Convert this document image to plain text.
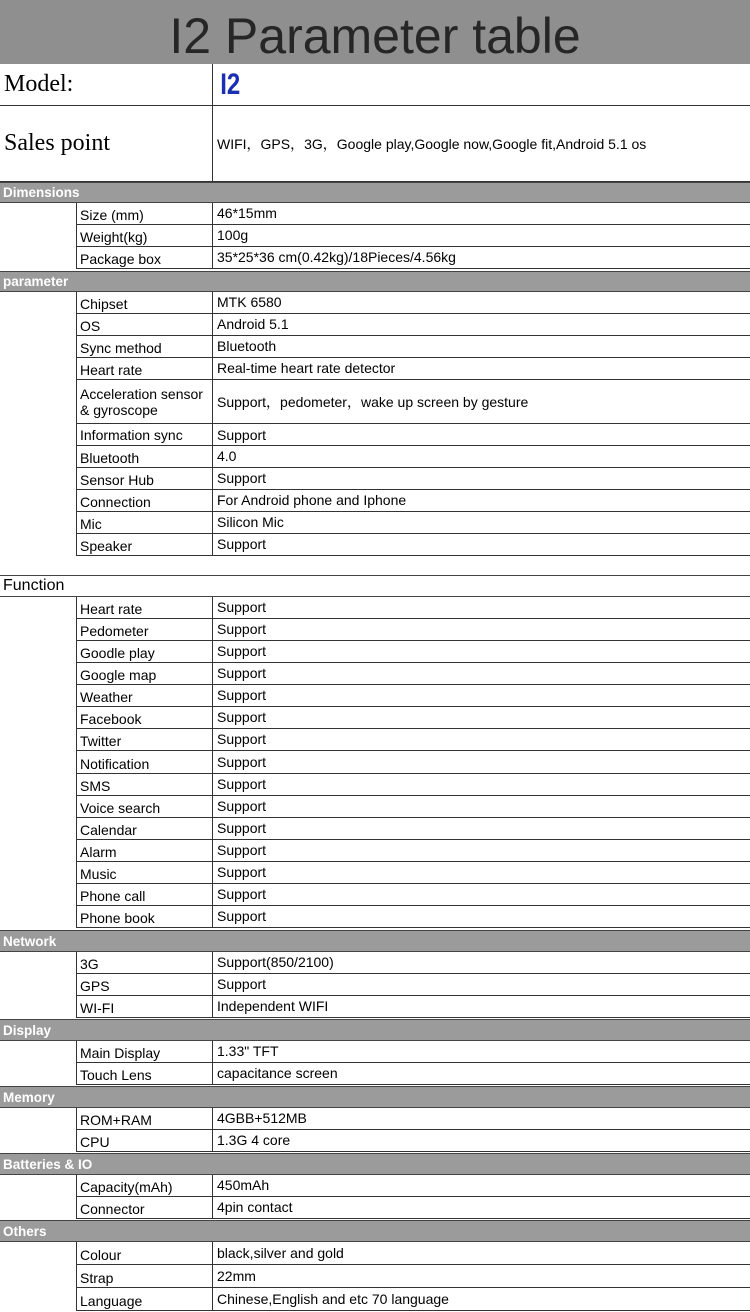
I2 Parameter table
Model:	I2
Sales point	WIFI，GPS，3G，Google play,Google now,Google fit,Android 5.1 os
Dimensions
Size (mm)	46*15mm
Weight(kg)	100g
Package box	35*25*36 cm(0.42kg)/18Pieces/4.56kg
parameter
Chipset	MTK 6580
OS	Android 5.1
Sync method	Bluetooth
Heart rate	Real-time heart rate detector
Acceleration sensor & gyroscope	Support，pedometer，wake up screen by gesture
Information sync	Support
Bluetooth	4.0
Sensor Hub	Support
Connection	For Android phone and Iphone
Mic	Silicon Mic
Speaker	Support
Function
Heart rate	Support
Pedometer	Support
Goodle play	Support
Google map	Support
Weather	Support
Facebook	Support
Twitter	Support
Notification	Support
SMS	Support
Voice search	Support
Calendar	Support
Alarm	Support
Music	Support
Phone call	Support
Phone book	Support
Network
3G	Support(850/2100)
GPS	Support
WI-FI	Independent WIFI
Display
Main Display	1.33" TFT
Touch Lens	capacitance screen
Memory
ROM+RAM	4GBB+512MB
CPU	1.3G 4 core
Batteries & IO
Capacity(mAh)	450mAh
Connector	4pin contact
Others
Colour	black,silver and gold
Strap	22mm
Language	Chinese,English and etc 70 language
